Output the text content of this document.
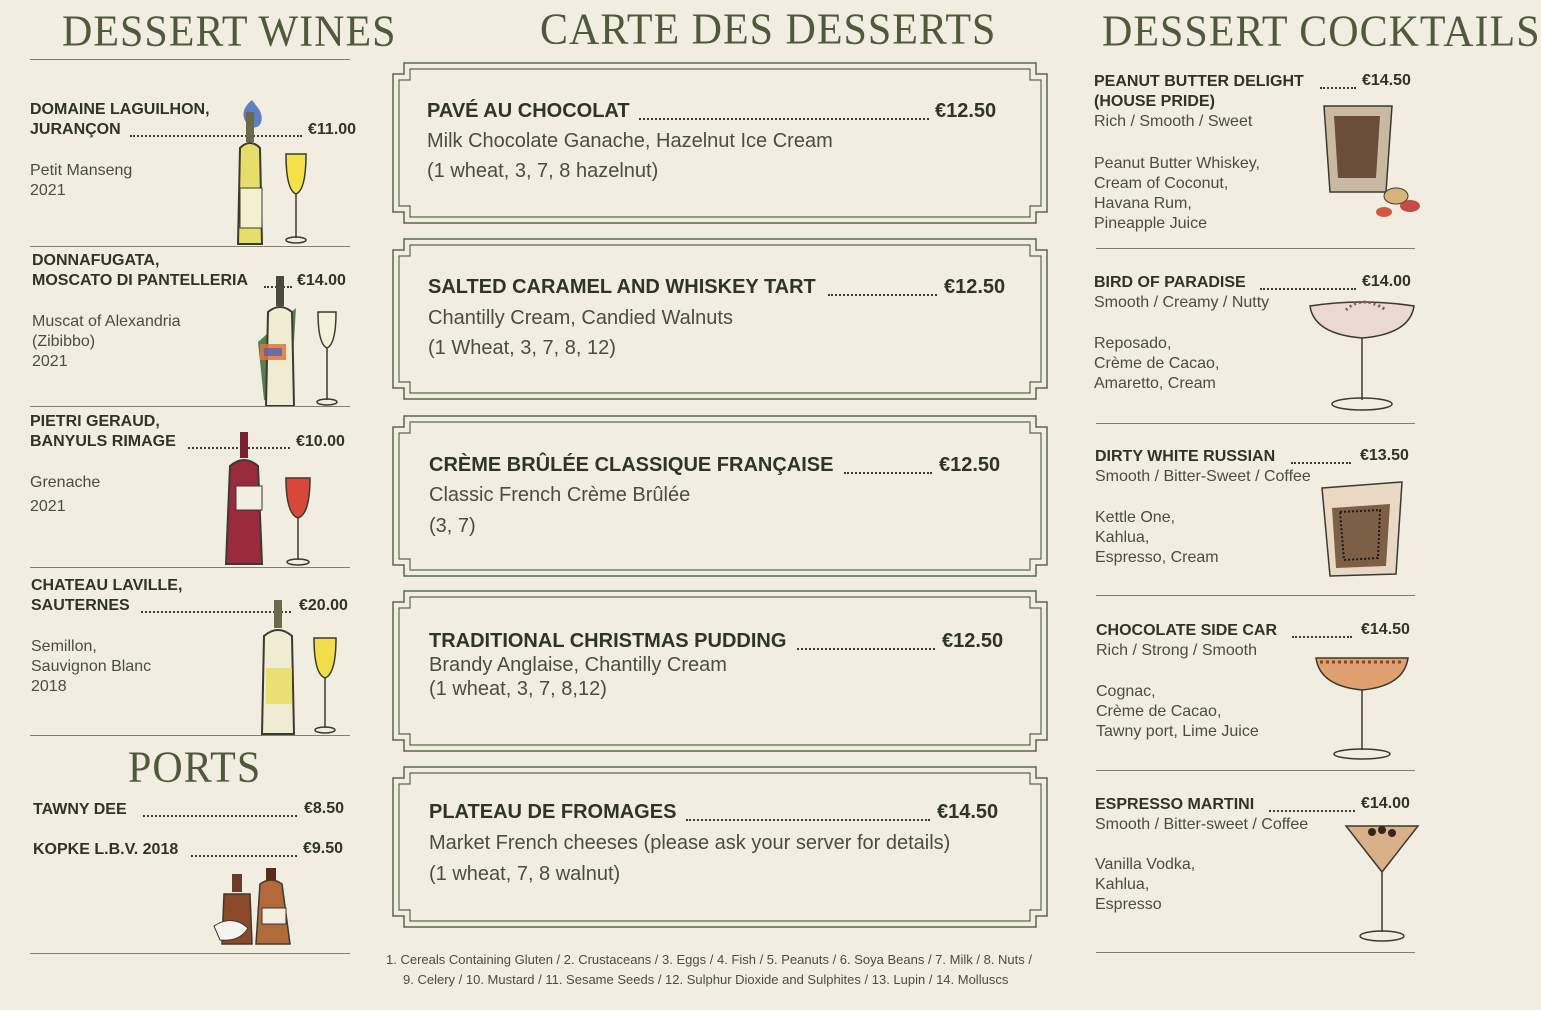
DESSERT WINES
DOMAINE LAGUILHON,
JURANÇON	€11.00
Petit Manseng
2021
DONNAFUGATA,
MOSCATO DI PANTELLERIA	€14.00
Muscat of Alexandria
(Zibibbo)
2021
PIETRI GERAUD,
BANYULS RIMAGE	€10.00
Grenache
2021
CHATEAU LAVILLE,
SAUTERNES	€20.00
Semillon,
Sauvignon Blanc
2018
PORTS
TAWNY DEE	€8.50
KOPKE L.B.V. 2018	€9.50
CARTE DES DESSERTS
PAVÉ AU CHOCOLAT	€12.50
Milk Chocolate Ganache, Hazelnut Ice Cream
(1 wheat, 3, 7, 8 hazelnut)
SALTED CARAMEL AND WHISKEY TART	€12.50
Chantilly Cream, Candied Walnuts
(1 Wheat, 3, 7, 8, 12)
CRÈME BRÛLÉE CLASSIQUE FRANÇAISE	€12.50
Classic French Crème Brûlée
(3, 7)
TRADITIONAL CHRISTMAS PUDDING	€12.50
Brandy Anglaise, Chantilly Cream
(1 wheat, 3, 7, 8,12)
PLATEAU DE FROMAGES	€14.50
Market French cheeses (please ask your server for details)
(1 wheat, 7, 8 walnut)
1. Cereals Containing Gluten / 2. Crustaceans / 3. Eggs / 4. Fish / 5. Peanuts / 6. Soya Beans / 7. Milk / 8. Nuts /
9. Celery / 10. Mustard / 11. Sesame Seeds / 12. Sulphur Dioxide and Sulphites / 13. Lupin / 14. Molluscs
DESSERT COCKTAILS
PEANUT BUTTER DELIGHT
(HOUSE PRIDE)
€14.50
Rich / Smooth / Sweet
Peanut Butter Whiskey,
Cream of Coconut,
Havana Rum,
Pineapple Juice
BIRD OF PARADISE	€14.00
Smooth / Creamy / Nutty
Reposado,
Crème de Cacao,
Amaretto, Cream
DIRTY WHITE RUSSIAN	€13.50
Smooth / Bitter-Sweet / Coffee
Kettle One,
Kahlua,
Espresso, Cream
CHOCOLATE SIDE CAR	€14.50
Rich / Strong / Smooth
Cognac,
Crème de Cacao,
Tawny port, Lime Juice
ESPRESSO MARTINI	€14.00
Smooth / Bitter-sweet / Coffee
Vanilla Vodka,
Kahlua,
Espresso
